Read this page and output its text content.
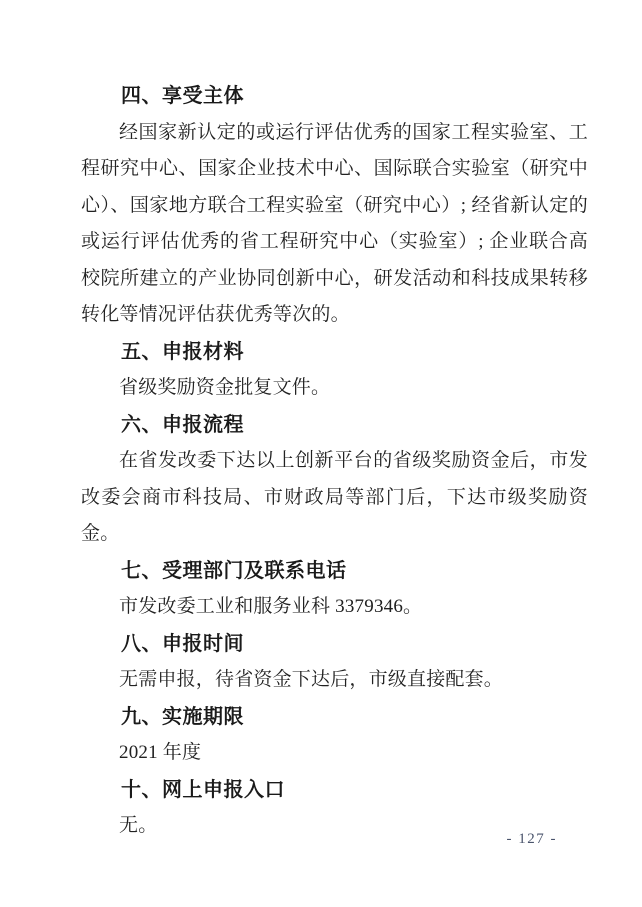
四、享受主体

经国家新认定的或运行评估优秀的国家工程实验室、工程研究中心、国家企业技术中心、国际联合实验室（研究中心）、国家地方联合工程实验室（研究中心）; 经省新认定的或运行评估优秀的省工程研究中心（实验室）; 企业联合高校院所建立的产业协同创新中心，研发活动和科技成果转移转化等情况评估获优秀等次的。

五、申报材料

省级奖励资金批复文件。

六、申报流程

在省发改委下达以上创新平台的省级奖励资金后，市发改委会商市科技局、市财政局等部门后，下达市级奖励资金。

七、受理部门及联系电话

市发改委工业和服务业科 3379346。

八、申报时间

无需申报，待省资金下达后，市级直接配套。

九、实施期限

2021 年度

十、网上申报入口

无。

- 127 -
